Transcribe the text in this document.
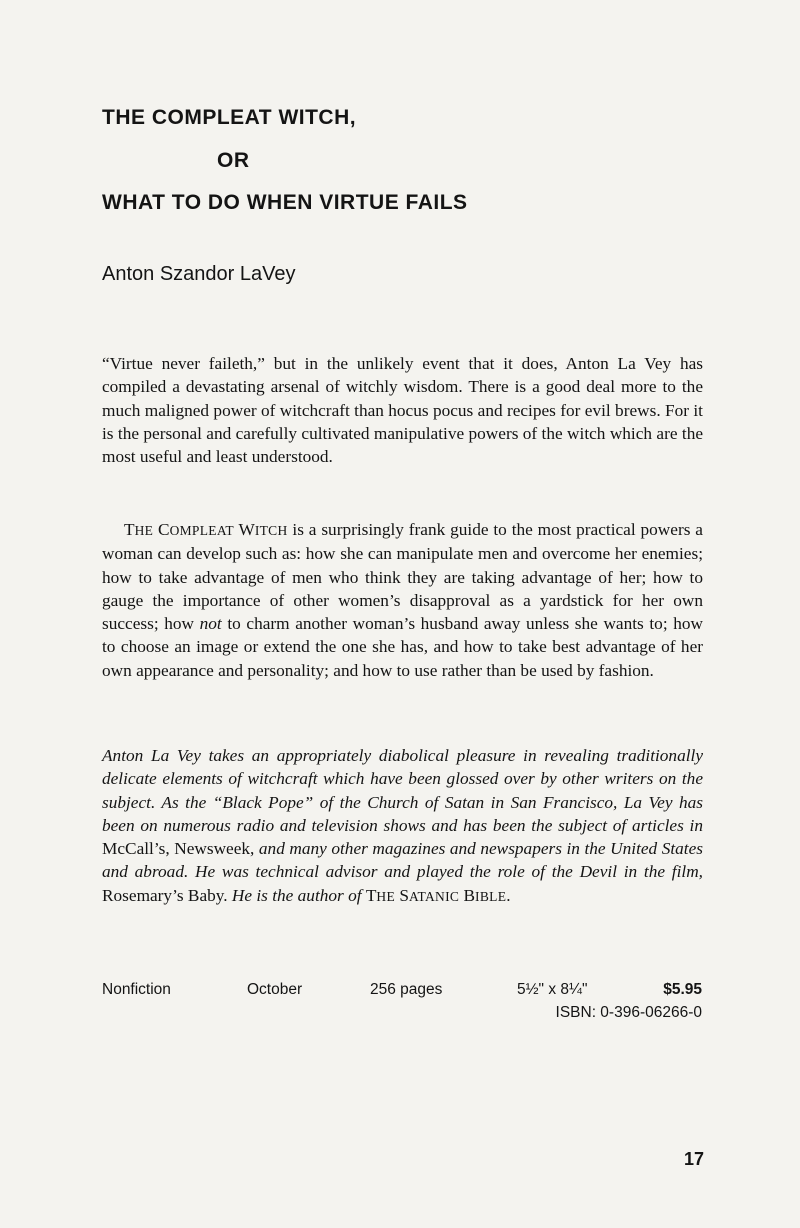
THE COMPLEAT WITCH,
OR
WHAT TO DO WHEN VIRTUE FAILS
Anton Szandor LaVey

“Virtue never faileth,” but in the unlikely event that it does, Anton La Vey has compiled a devastating arsenal of witchly wisdom. There is a good deal more to the much maligned power of witchcraft than hocus pocus and recipes for evil brews. For it is the personal and carefully cultivated manipulative powers of the witch which are the most useful and least understood.

THE COMPLEAT WITCH is a surprisingly frank guide to the most practical powers a woman can develop such as: how she can manipulate men and overcome her enemies; how to take advantage of men who think they are taking advantage of her; how to gauge the importance of other women’s disapproval as a yardstick for her own success; how not to charm another woman’s husband away unless she wants to; how to choose an image or extend the one she has, and how to take best advantage of her own appearance and personality; and how to use rather than be used by fashion.

Anton La Vey takes an appropriately diabolical pleasure in revealing traditionally delicate elements of witchcraft which have been glossed over by other writers on the subject. As the “Black Pope” of the Church of Satan in San Francisco, La Vey has been on numerous radio and television shows and has been the subject of articles in McCall’s, Newsweek, and many other magazines and newspapers in the United States and abroad. He was technical advisor and played the role of the Devil in the film, Rosemary’s Baby. He is the author of THE SATANIC BIBLE.

Nonfiction	October	256 pages	5½" x 8¼"	$5.95
ISBN: 0-396-06266-0
17
